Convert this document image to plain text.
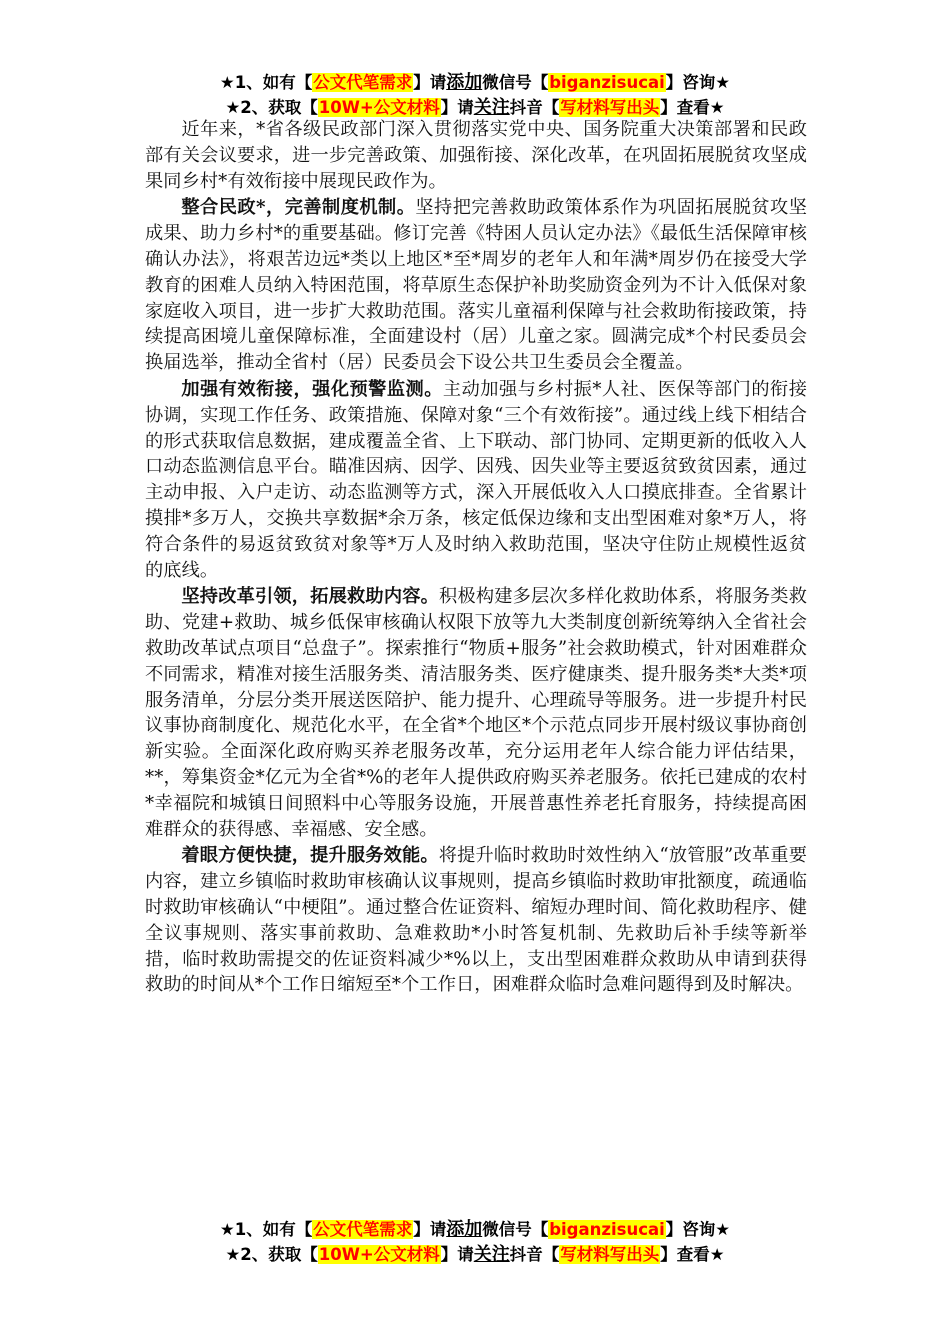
★1、如有【公文代笔需求】请添加微信号【biganzisucai】咨询★
★2、获取【10W+公文材料】请关注抖音【写材料写出头】查看★

近年来，*省各级民政部门深入贯彻落实党中央、国务院重大决策部署和民政部有关会议要求，进一步完善政策、加强衔接、深化改革，在巩固拓展脱贫攻坚成果同乡村*有效衔接中展现民政作为。

整合民政*，完善制度机制。坚持把完善救助政策体系作为巩固拓展脱贫攻坚成果、助力乡村*的重要基础。修订完善《特困人员认定办法》《最低生活保障审核确认办法》，将艰苦边远*类以上地区*至*周岁的老年人和年满*周岁仍在接受大学教育的困难人员纳入特困范围，将草原生态保护补助奖励资金列为不计入低保对象家庭收入项目，进一步扩大救助范围。落实儿童福利保障与社会救助衔接政策，持续提高困境儿童保障标准，全面建设村（居）儿童之家。圆满完成*个村民委员会换届选举，推动全省村（居）民委员会下设公共卫生委员会全覆盖。

加强有效衔接，强化预警监测。主动加强与乡村振*人社、医保等部门的衔接协调，实现工作任务、政策措施、保障对象“三个有效衔接”。通过线上线下相结合的形式获取信息数据，建成覆盖全省、上下联动、部门协同、定期更新的低收入人口动态监测信息平台。瞄准因病、因学、因残、因失业等主要返贫致贫因素，通过主动申报、入户走访、动态监测等方式，深入开展低收入人口摸底排查。全省累计摸排*多万人，交换共享数据*余万条，核定低保边缘和支出型困难对象*万人，将符合条件的易返贫致贫对象等*万人及时纳入救助范围，坚决守住防止规模性返贫的底线。

坚持改革引领，拓展救助内容。积极构建多层次多样化救助体系，将服务类救助、党建+救助、城乡低保审核确认权限下放等九大类制度创新统筹纳入全省社会救助改革试点项目“总盘子”。探索推行“物质+服务”社会救助模式，针对困难群众不同需求，精准对接生活服务类、清洁服务类、医疗健康类、提升服务类*大类*项服务清单，分层分类开展送医陪护、能力提升、心理疏导等服务。进一步提升村民议事协商制度化、规范化水平，在全省*个地区*个示范点同步开展村级议事协商创新实验。全面深化政府购买养老服务改革，充分运用老年人综合能力评估结果，**，筹集资金*亿元为全省*%的老年人提供政府购买养老服务。依托已建成的农村*幸福院和城镇日间照料中心等服务设施，开展普惠性养老托育服务，持续提高困难群众的获得感、幸福感、安全感。

着眼方便快捷，提升服务效能。将提升临时救助时效性纳入“放管服”改革重要内容，建立乡镇临时救助审核确认议事规则，提高乡镇临时救助审批额度，疏通临时救助审核确认“中梗阻”。通过整合佐证资料、缩短办理时间、简化救助程序、健全议事规则、落实事前救助、急难救助*小时答复机制、先救助后补手续等新举措，临时救助需提交的佐证资料减少*%以上，支出型困难群众救助从申请到获得救助的时间从*个工作日缩短至*个工作日，困难群众临时急难问题得到及时解决。

★1、如有【公文代笔需求】请添加微信号【biganzisucai】咨询★
★2、获取【10W+公文材料】请关注抖音【写材料写出头】查看★
